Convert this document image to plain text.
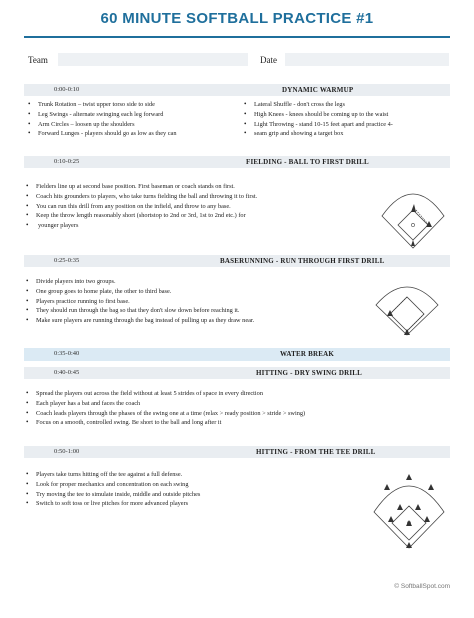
60 MINUTE SOFTBALL PRACTICE #1
Team	Date
0:00-0:10	DYNAMIC WARMUP
• Trunk Rotation – twist upper torso side to side
• Leg Swings - alternate swinging each leg forward
• Arm Circles – loosen up the shoulders
• Forward Lunges - players should go as low as they can
• Lateral Shuffle - don't cross the legs
• High Knees - knees should be coming up to the waist
• Light Throwing - stand 10-15 feet apart and practice 4-
• seam grip and showing a target box
0:10-0:25	FIELDING - BALL TO FIRST DRILL
• Fielders line up at second base position. First baseman or coach stands on first.
• Coach hits grounders to players, who take turns fielding the ball and throwing it to first.
• You can run this drill from any position on the infield, and throw to any base.
• Keep the throw length reasonably short (shortstop to 2nd or 3rd, 1st to 2nd etc.) for
• younger players
0:25-0:35	BASERUNNING - RUN THROUGH FIRST DRILL
• Divide players into two groups.
• One group goes to home plate, the other to third base.
• Players practice running to first base.
• They should run through the bag so that they don't slow down before reaching it.
• Make sure players are running through the bag instead of pulling up as they draw near.
0:35-0:40	WATER BREAK
0:40-0:45	HITTING - DRY SWING DRILL
• Spread the players out across the field without at least 5 strides of space in every direction
• Each player has a bat and faces the coach
• Coach leads players through the phases of the swing one at a time (relax > ready position > stride > swing)
• Focus on a smooth, controlled swing. Be short to the ball and long after it
0:50-1:00	HITTING - FROM THE TEE DRILL
• Players take turns hitting off the tee against a full defense.
• Look for proper mechanics and concentration on each swing
• Try moving the tee to simulate inside, middle and outside pitches
• Switch to soft toss or live pitches for more advanced players
© SoftballSpot.com
